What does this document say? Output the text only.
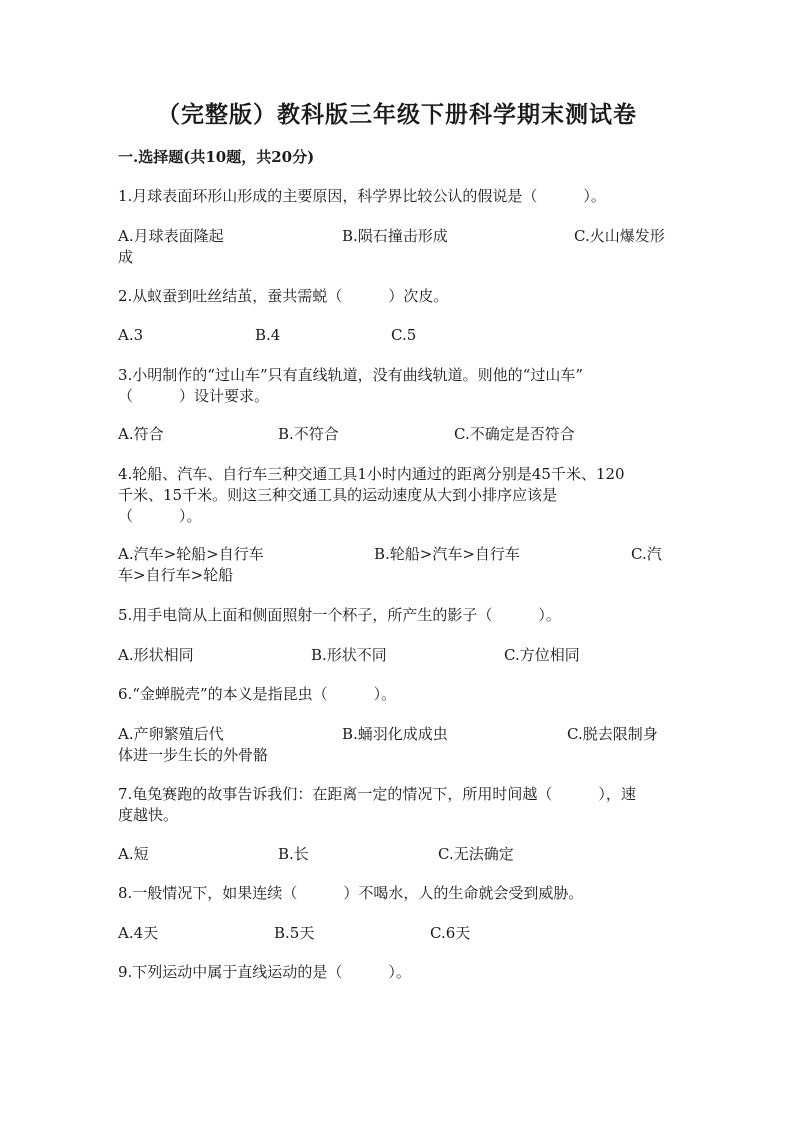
（完整版）教科版三年级下册科学期末测试卷
一.选择题(共10题，共20分)
1.月球表面环形山形成的主要原因，科学界比较公认的假说是（	）。
A.月球表面隆起	B.陨石撞击形成	C.火山爆发形
成
2.从蚁蚕到吐丝结茧，蚕共需蜕（	）次皮。
A.3	B.4	C.5
3.小明制作的“过山车”只有直线轨道，没有曲线轨道。则他的“过山车”
（	）设计要求。
A.符合	B.不符合	C.不确定是否符合
4.轮船、汽车、自行车三种交通工具1小时内通过的距离分别是45千米、120
千米、15千米。则这三种交通工具的运动速度从大到小排序应该是
（	）。
A.汽车>轮船>自行车	B.轮船>汽车>自行车	C.汽
车>自行车>轮船
5.用手电筒从上面和侧面照射一个杯子，所产生的影子（	）。
A.形状相同	B.形状不同	C.方位相同
6.“金蝉脱壳”的本义是指昆虫（	）。
A.产卵繁殖后代	B.蛹羽化成成虫	C.脱去限制身
体进一步生长的外骨骼
7.龟兔赛跑的故事告诉我们：在距离一定的情况下，所用时间越（	），速
度越快。
A.短	B.长	C.无法确定
8.一般情况下，如果连续（	）不喝水，人的生命就会受到威胁。
A.4天	B.5天	C.6天
9.下列运动中属于直线运动的是（	）。
